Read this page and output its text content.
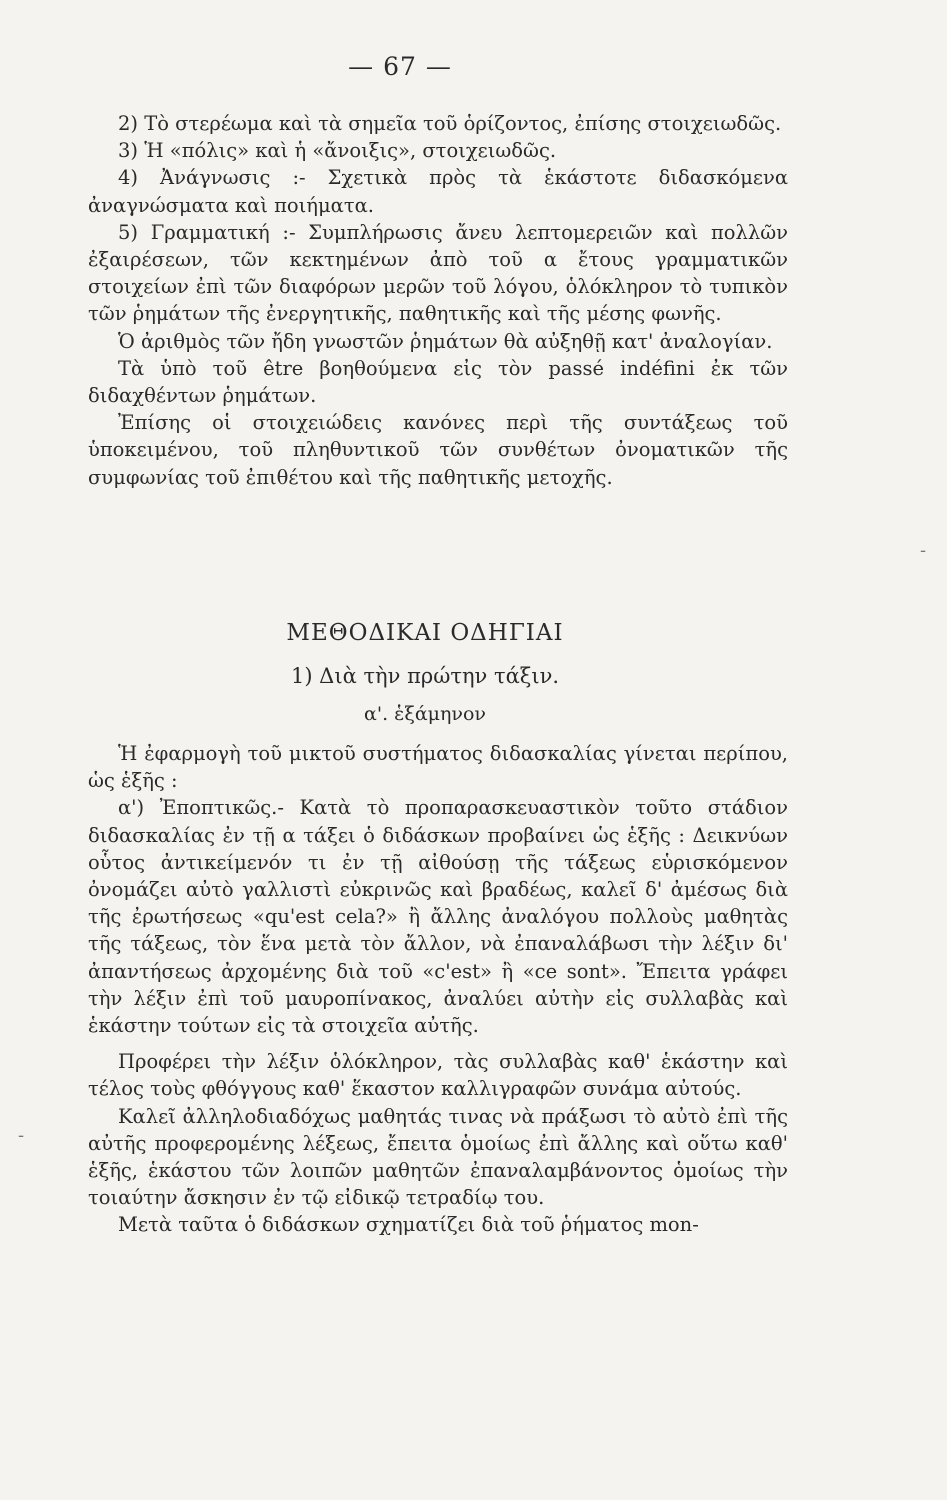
— 67 —

2) Τὸ στερέωμα καὶ τὰ σημεῖα τοῦ ὁρίζοντος, ἐπίσης στοιχειωδῶς.

3) Ἡ «πόλις» καὶ ἡ «ἄνοιξις», στοιχειωδῶς.

4) Ἀνάγνωσις :- Σχετικὰ πρὸς τὰ ἑκάστοτε διδασκόμενα ἀναγνώσματα καὶ ποιήματα.

5) Γραμματική :- Συμπλήρωσις ἄνευ λεπτομερειῶν καὶ πολλῶν ἐξαιρέσεων, τῶν κεκτημένων ἀπὸ τοῦ α ἔτους γραμματικῶν στοιχείων ἐπὶ τῶν διαφόρων μερῶν τοῦ λόγου, ὁλόκληρον τὸ τυπικὸν τῶν ῥημάτων τῆς ἐνεργητικῆς, παθητικῆς καὶ τῆς μέσης φωνῆς.

Ὁ ἀριθμὸς τῶν ἤδη γνωστῶν ῥημάτων θὰ αὐξηθῇ κατ' ἀναλογίαν.

Τὰ ὑπὸ τοῦ être βοηθούμενα εἰς τὸν passé indéfini ἐκ τῶν διδαχθέντων ῥημάτων.

Ἐπίσης οἱ στοιχειώδεις κανόνες περὶ τῆς συντάξεως τοῦ ὑποκειμένου, τοῦ πληθυντικοῦ τῶν συνθέτων ὀνοματικῶν τῆς συμφωνίας τοῦ ἐπιθέτου καὶ τῆς παθητικῆς μετοχῆς.

ΜΕΘΟΔΙΚΑΙ ΟΔΗΓΙΑΙ
1) Διὰ τὴν πρώτην τάξιν.
α'. ἑξάμηνον

Ἡ ἐφαρμογὴ τοῦ μικτοῦ συστήματος διδασκαλίας γίνεται περίπου, ὡς ἑξῆς :

α') Ἐποπτικῶς.- Κατὰ τὸ προπαρασκευαστικὸν τοῦτο στάδιον διδασκαλίας ἐν τῇ α τάξει ὁ διδάσκων προβαίνει ὡς ἑξῆς : Δεικνύων οὗτος ἀντικείμενόν τι ἐν τῇ αἰθούσῃ τῆς τάξεως εὑρισκόμενον ὀνομάζει αὐτὸ γαλλιστὶ εὐκρινῶς καὶ βραδέως, καλεῖ δ' ἀμέσως διὰ τῆς ἐρωτήσεως «qu'est cela?» ἢ ἄλλης ἀναλόγου πολλοὺς μαθητὰς τῆς τάξεως, τὸν ἕνα μετὰ τὸν ἄλλον, νὰ ἐπαναλάβωσι τὴν λέξιν δι' ἀπαντήσεως ἀρχομένης διὰ τοῦ «c'est» ἢ «ce sont». Ἔπειτα γράφει τὴν λέξιν ἐπὶ τοῦ μαυροπίνακος, ἀναλύει αὐτὴν εἰς συλλαβὰς καὶ ἑκάστην τούτων εἰς τὰ στοιχεῖα αὐτῆς.

Προφέρει τὴν λέξιν ὁλόκληρον, τὰς συλλαβὰς καθ' ἑκάστην καὶ τέλος τοὺς φθόγγους καθ' ἕκαστον καλλιγραφῶν συνάμα αὐτούς.

Καλεῖ ἀλληλοδιαδόχως μαθητάς τινας νὰ πράξωσι τὸ αὐτὸ ἐπὶ τῆς αὐτῆς προφερομένης λέξεως, ἔπειτα ὁμοίως ἐπὶ ἄλλης καὶ οὕτω καθ' ἑξῆς, ἑκάστου τῶν λοιπῶν μαθητῶν ἐπαναλαμβάνοντος ὁμοίως τὴν τοιαύτην ἄσκησιν ἐν τῷ εἰδικῷ τετραδίῳ του.

Μετὰ ταῦτα ὁ διδάσκων σχηματίζει διὰ τοῦ ῥήματος mon-

-
-
